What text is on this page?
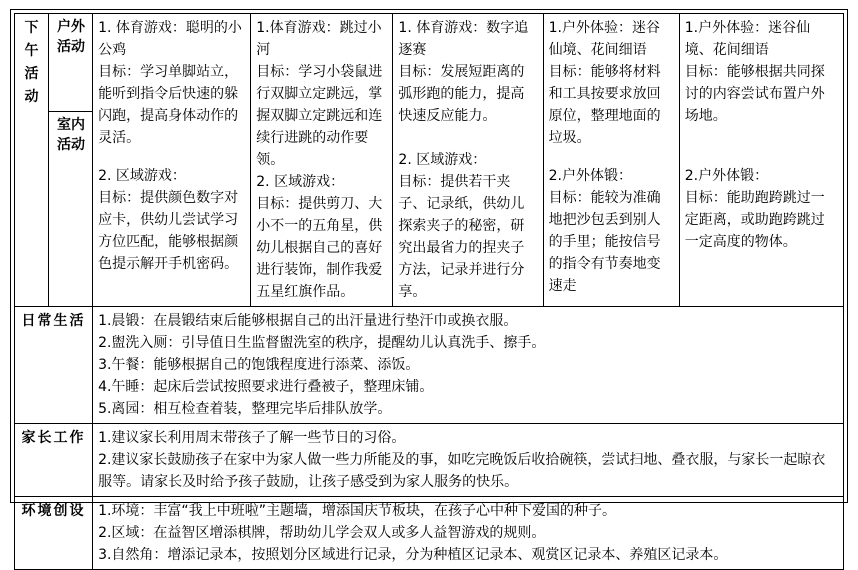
下午活动

户外活动

1. 体育游戏：聪明的小公鸡
目标：学习单脚站立，能听到指令后快速的躲闪跑，提高身体动作的灵活。
2. 区域游戏：
目标：提供颜色数字对应卡，供幼儿尝试学习方位匹配，能够根据颜色提示解开手机密码。

1.体育游戏：跳过小河
目标：学习小袋鼠进行双脚立定跳远，掌握双脚立定跳远和连续行进跳的动作要领。
2. 区域游戏：
目标：提供剪刀、大小不一的五角星，供幼儿根据自己的喜好进行装饰，制作我爱五星红旗作品。

1. 体育游戏：数字追逐赛
目标：发展短距离的弧形跑的能力，提高快速反应能力。
2. 区域游戏：
目标：提供若干夹子、记录纸，供幼儿探索夹子的秘密，研究出最省力的捏夹子方法，记录并进行分享。

1.户外体验：迷谷仙境、花间细语
目标：能够将材料和工具按要求放回原位，整理地面的垃圾。
2.户外体锻：
目标：能较为准确地把沙包丢到别人的手里；能按信号的指令有节奏地变速走

1.户外体验：迷谷仙境、花间细语
目标：能够根据共同探讨的内容尝试布置户外场地。
2.户外体锻：
目标：能助跑跨跳过一定距离，或助跑跨跳过一定高度的物体。

	室内活动					

日常生活		1.晨锻：在晨锻结束后能够根据自己的出汗量进行垫汗巾或换衣服。
2.盥洗入厕：引导值日生监督盥洗室的秩序，提醒幼儿认真洗手、擦手。
3.午餐：能够根据自己的饱饿程度进行添菜、添饭。
4.午睡：起床后尝试按照要求进行叠被子，整理床铺。
5.离园：相互检查着装，整理完毕后排队放学。				

家长工作		1.建议家长利用周末带孩子了解一些节日的习俗。
2.建议家长鼓励孩子在家中为家人做一些力所能及的事，如吃完晚饭后收拾碗筷，尝试扫地、叠衣服，与家长一起晾衣服等。请家长及时给予孩子鼓励，让孩子感受到为家人服务的快乐。				

环境创设		1.环境：丰富“我上中班啦”主题墙，增添国庆节板块，在孩子心中种下爱国的种子。
2.区域：在益智区增添棋牌，帮助幼儿学会双人或多人益智游戏的规则。
3.自然角：增添记录本，按照划分区域进行记录，分为种植区记录本、观赏区记录本、养殖区记录本。				
